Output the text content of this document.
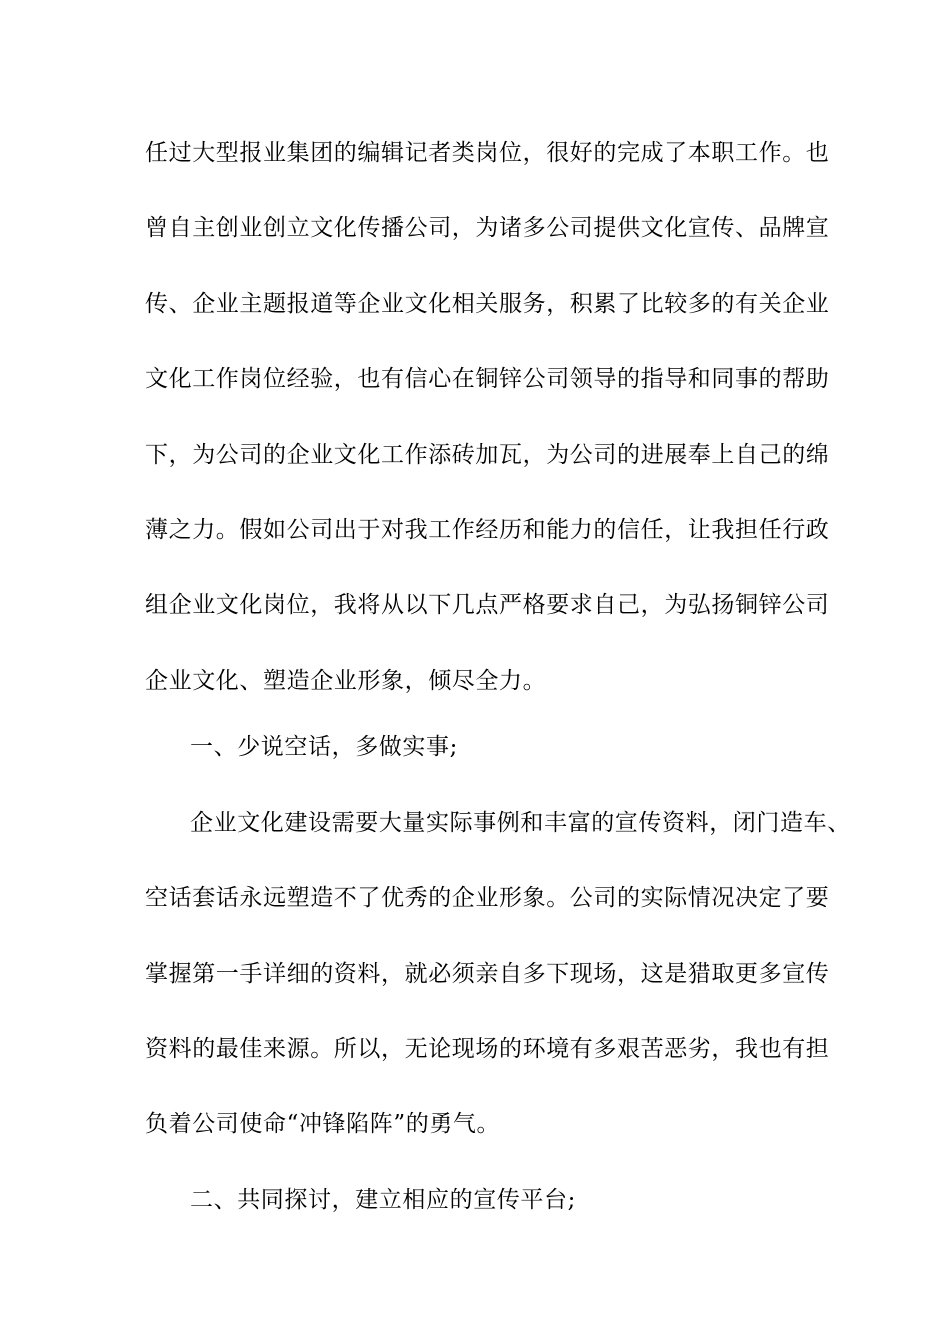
任过大型报业集团的编辑记者类岗位，很好的完成了本职工作。也
曾自主创业创立文化传播公司，为诸多公司提供文化宣传、品牌宣
传、企业主题报道等企业文化相关服务，积累了比较多的有关企业
文化工作岗位经验，也有信心在铜锌公司领导的指导和同事的帮助
下，为公司的企业文化工作添砖加瓦，为公司的进展奉上自己的绵
薄之力。假如公司出于对我工作经历和能力的信任，让我担任行政
组企业文化岗位，我将从以下几点严格要求自己，为弘扬铜锌公司
企业文化、塑造企业形象，倾尽全力。
一、少说空话，多做实事;
企业文化建设需要大量实际事例和丰富的宣传资料，闭门造车、
空话套话永远塑造不了优秀的企业形象。公司的实际情况决定了要
掌握第一手详细的资料，就必须亲自多下现场，这是猎取更多宣传
资料的最佳来源。所以，无论现场的环境有多艰苦恶劣，我也有担
负着公司使命“冲锋陷阵”的勇气。
二、共同探讨，建立相应的宣传平台;
